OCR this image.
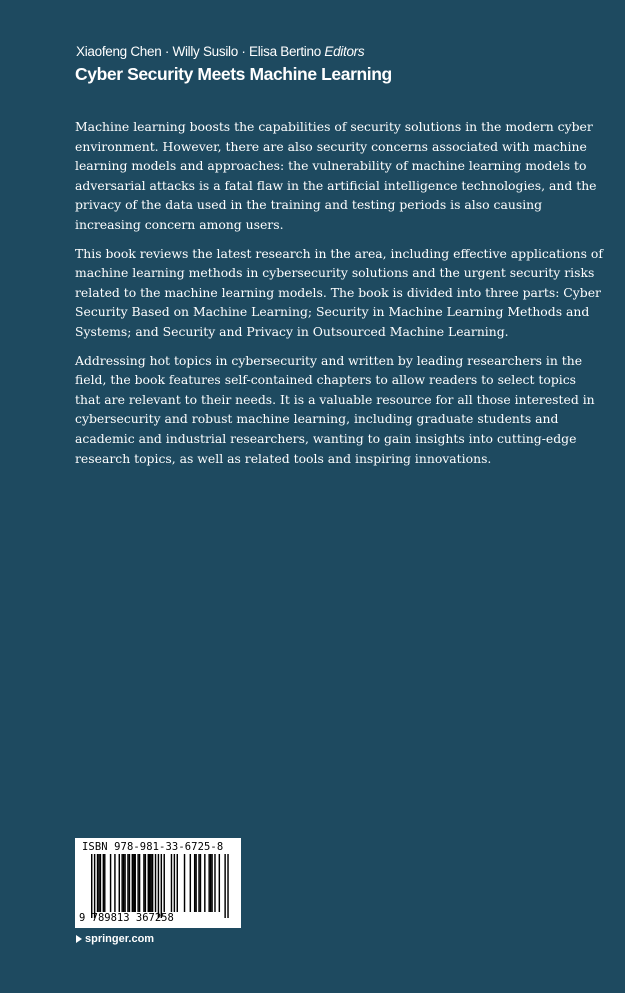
Xiaofeng Chen · Willy Susilo · Elisa Bertino Editors
Cyber Security Meets Machine Learning

Machine learning boosts the capabilities of security solutions in the modern cyber environment. However, there are also security concerns associated with machine learning models and approaches: the vulnerability of machine learning models to adversarial attacks is a fatal flaw in the artificial intelligence technologies, and the privacy of the data used in the training and testing periods is also causing increasing concern among users.

This book reviews the latest research in the area, including effective applications of machine learning methods in cybersecurity solutions and the urgent security risks related to the machine learning models. The book is divided into three parts: Cyber Security Based on Machine Learning; Security in Machine Learning Methods and Systems; and Security and Privacy in Outsourced Machine Learning.

Addressing hot topics in cybersecurity and written by leading researchers in the field, the book features self-contained chapters to allow readers to select topics that are relevant to their needs. It is a valuable resource for all those interested in cybersecurity and robust machine learning, including graduate students and academic and industrial researchers, wanting to gain insights into cutting-edge research topics, as well as related tools and inspiring innovations.

ISBN 978-981-33-6725-8
9 789813 367258
springer.com
